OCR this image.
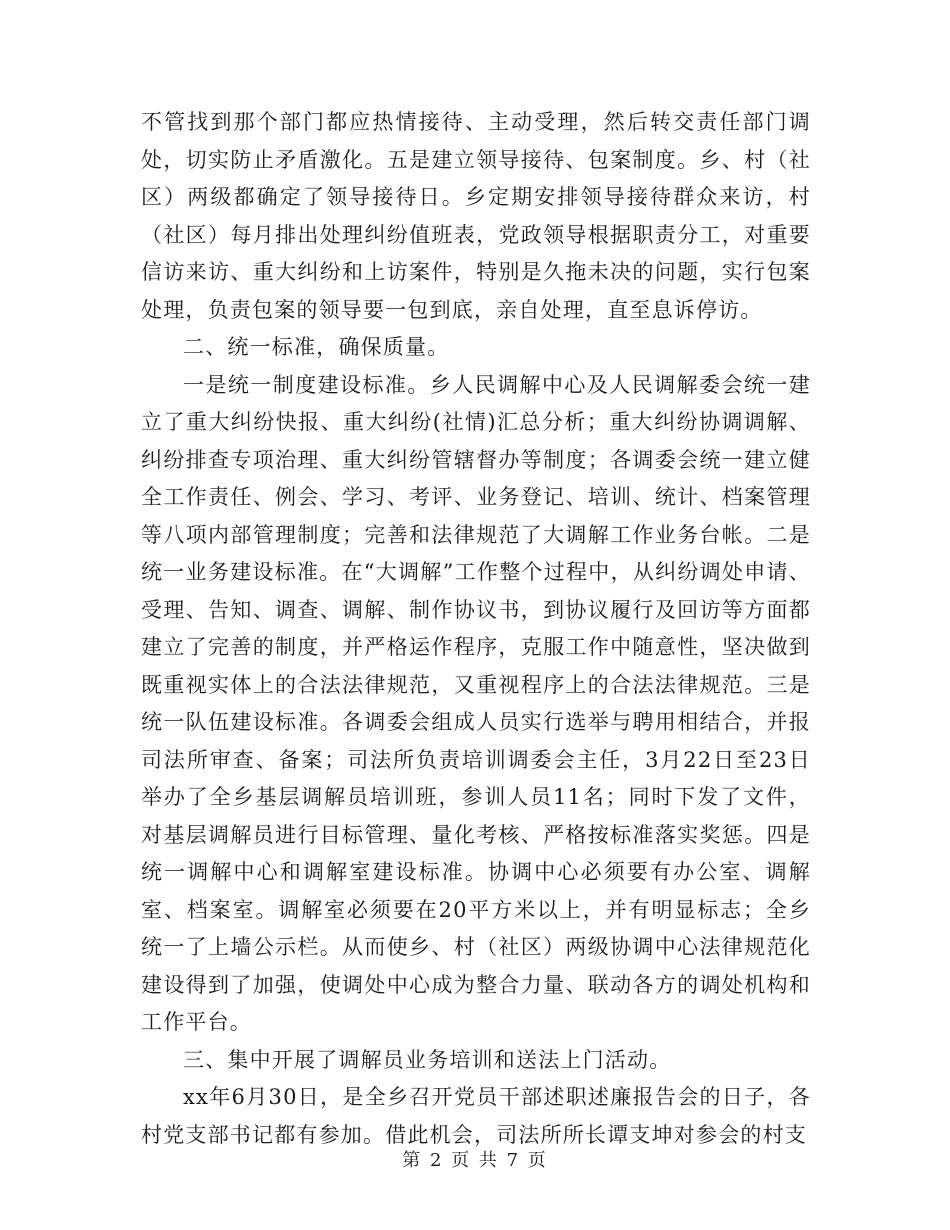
不管找到那个部门都应热情接待、主动受理，然后转交责任部门调处，切实防止矛盾激化。五是建立领导接待、包案制度。乡、村（社区）两级都确定了领导接待日。乡定期安排领导接待群众来访，村（社区）每月排出处理纠纷值班表，党政领导根据职责分工，对重要信访来访、重大纠纷和上访案件，特别是久拖未决的问题，实行包案处理，负责包案的领导要一包到底，亲自处理，直至息诉停访。

二、统一标准，确保质量。

一是统一制度建设标准。乡人民调解中心及人民调解委会统一建立了重大纠纷快报、重大纠纷(社情)汇总分析；重大纠纷协调调解、纠纷排查专项治理、重大纠纷管辖督办等制度；各调委会统一建立健全工作责任、例会、学习、考评、业务登记、培训、统计、档案管理等八项内部管理制度；完善和法律规范了大调解工作业务台帐。二是统一业务建设标准。在“大调解”工作整个过程中，从纠纷调处申请、受理、告知、调查、调解、制作协议书，到协议履行及回访等方面都建立了完善的制度，并严格运作程序，克服工作中随意性，坚决做到既重视实体上的合法法律规范，又重视程序上的合法法律规范。三是统一队伍建设标准。各调委会组成人员实行选举与聘用相结合，并报司法所审查、备案；司法所负责培训调委会主任，3月22日至23日举办了全乡基层调解员培训班，参训人员11名；同时下发了文件，对基层调解员进行目标管理、量化考核、严格按标准落实奖惩。四是统一调解中心和调解室建设标准。协调中心必须要有办公室、调解室、档案室。调解室必须要在20平方米以上，并有明显标志；全乡统一了上墙公示栏。从而使乡、村（社区）两级协调中心法律规范化建设得到了加强，使调处中心成为整合力量、联动各方的调处机构和工作平台。

三、集中开展了调解员业务培训和送法上门活动。

xx年6月30日，是全乡召开党员干部述职述廉报告会的日子，各村党支部书记都有参加。借此机会，司法所所长谭支坤对参会的村支

第 2 页 共 7 页
